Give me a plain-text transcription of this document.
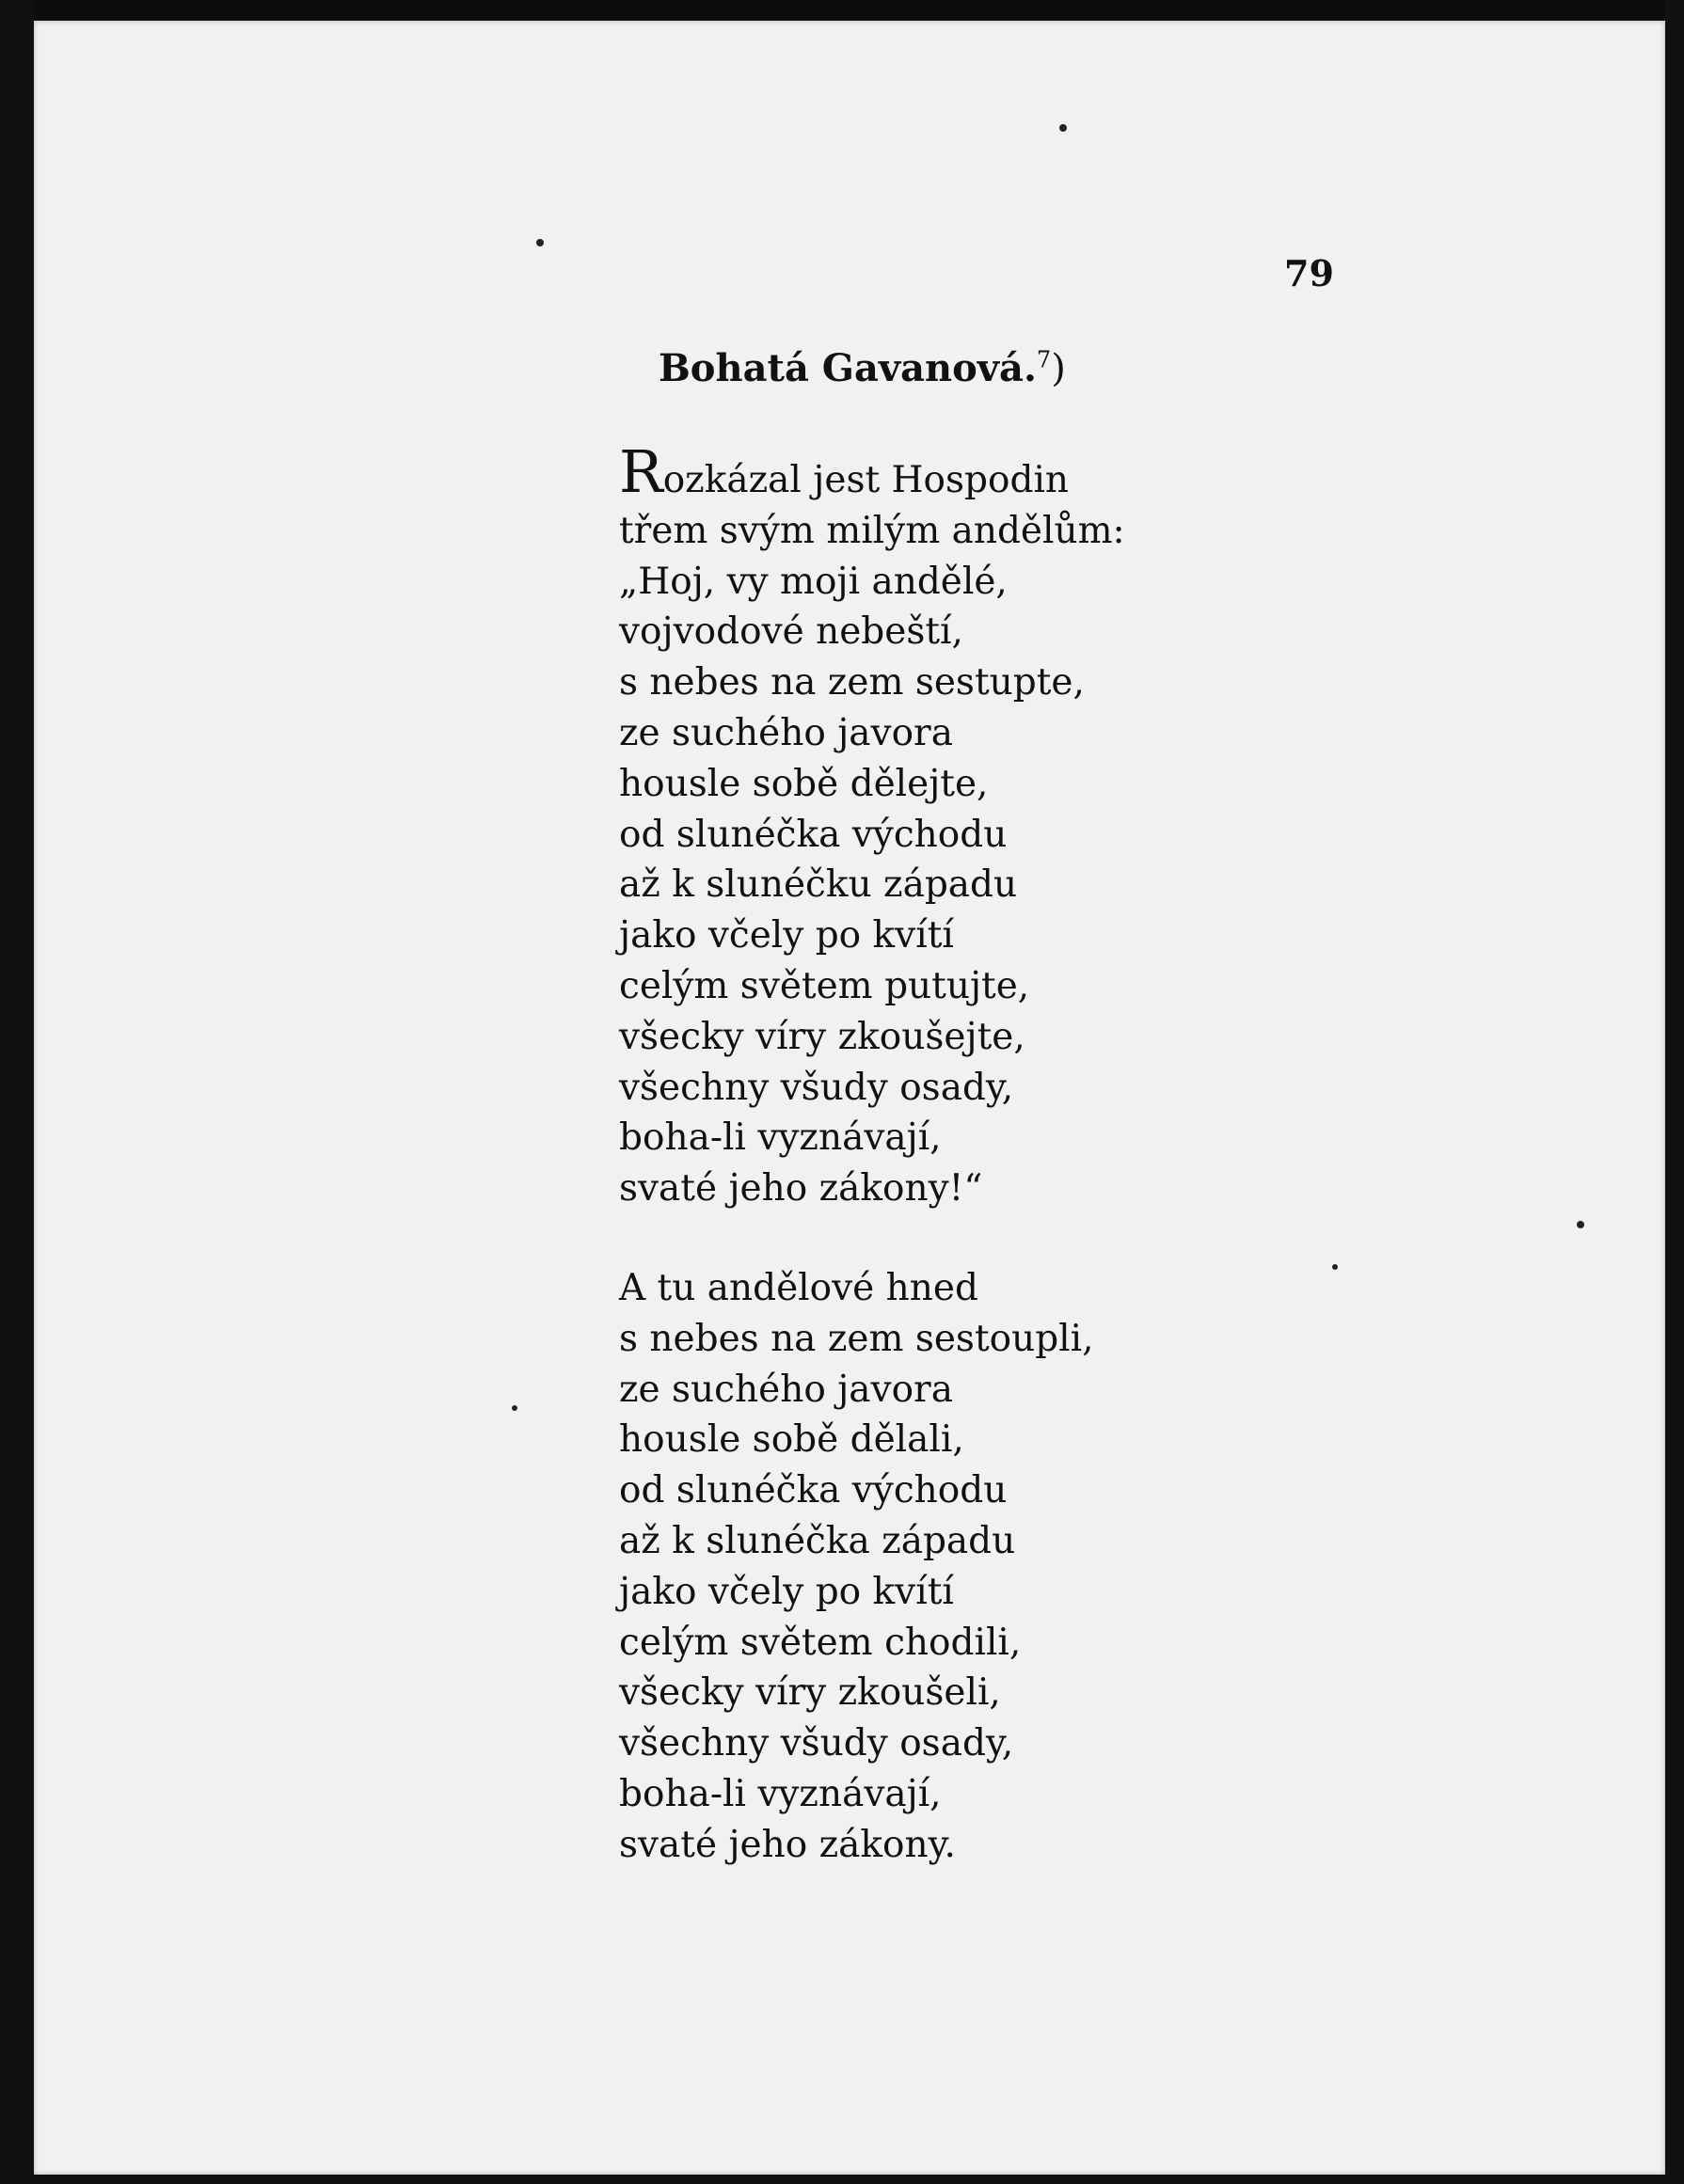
79
Bohatá Gavanová.$^7$)
Rozkázal jest Hospodin
třem svým milým andělům:
„Hoj, vy moji andělé,
vojvodové nebeští,
s nebes na zem sestupte,
ze suchého javora
housle sobě dělejte,
od slunéčka východu
až k slunéčku západu
jako včely po kvítí
celým světem putujte,
všecky víry zkoušejte,
všechny všudy osady,
boha-li vyznávají,
svaté jeho zákony!“
A tu andělové hned
s nebes na zem sestoupli,
ze suchého javora
housle sobě dělali,
od slunéčka východu
až k slunéčka západu
jako včely po kvítí
celým světem chodili,
všecky víry zkoušeli,
všechny všudy osady,
boha-li vyznávají,
svaté jeho zákony.
